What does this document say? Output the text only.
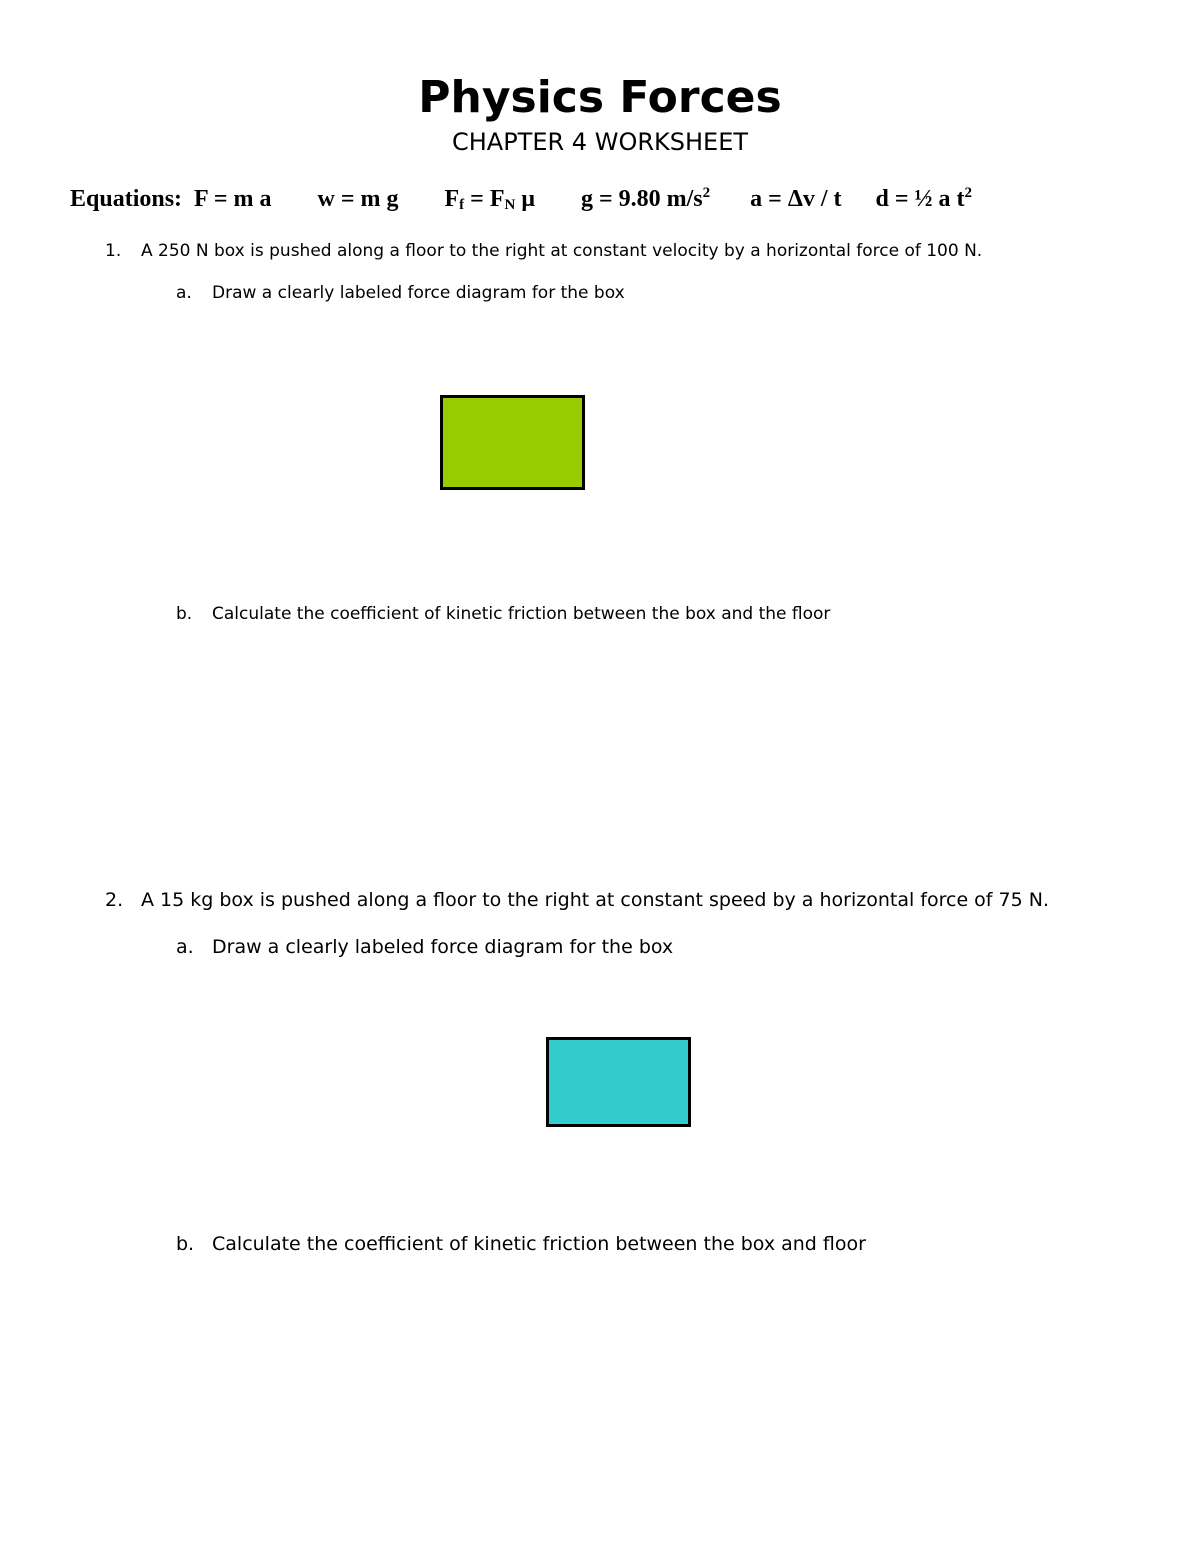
Physics Forces
CHAPTER 4 WORKSHEET
Equations: F = m a w = m g $F_f = F_N$ μ g = 9.80 $m/s^2$ a = Δv / t d = ½ a $t^2$
1. A 250 N box is pushed along a floor to the right at constant velocity by a horizontal force of 100 N.
a. Draw a clearly labeled force diagram for the box
b. Calculate the coefficient of kinetic friction between the box and the floor
2. A 15 kg box is pushed along a floor to the right at constant speed by a horizontal force of 75 N.
a. Draw a clearly labeled force diagram for the box
b. Calculate the coefficient of kinetic friction between the box and floor
